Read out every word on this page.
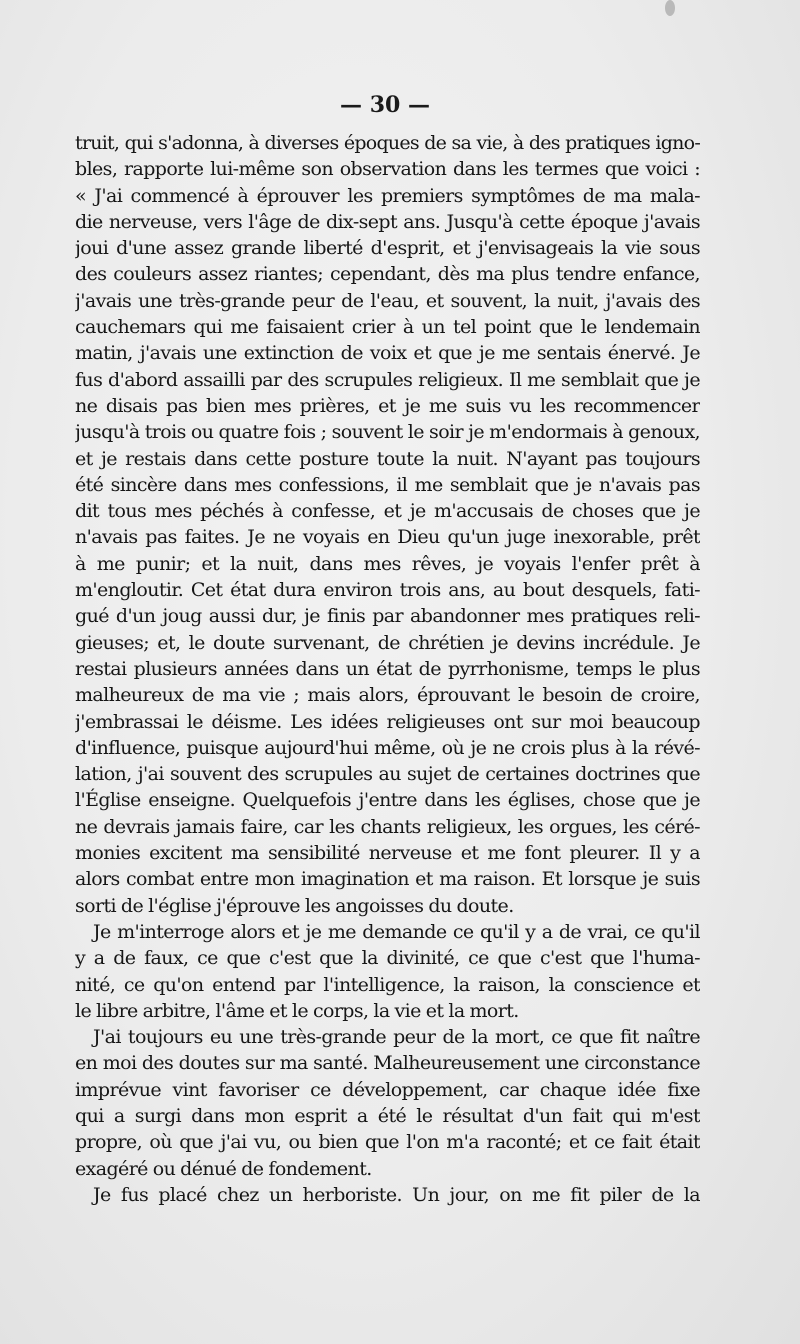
— 30 —
truit, qui s'adonna, à diverses époques de sa vie, à des pratiques igno-
bles, rapporte lui-même son observation dans les termes que voici :
« J'ai commencé à éprouver les premiers symptômes de ma mala-
die nerveuse, vers l'âge de dix-sept ans. Jusqu'à cette époque j'avais
joui d'une assez grande liberté d'esprit, et j'envisageais la vie sous
des couleurs assez riantes; cependant, dès ma plus tendre enfance,
j'avais une très-grande peur de l'eau, et souvent, la nuit, j'avais des
cauchemars qui me faisaient crier à un tel point que le lendemain
matin, j'avais une extinction de voix et que je me sentais énervé. Je
fus d'abord assailli par des scrupules religieux. Il me semblait que je
ne disais pas bien mes prières, et je me suis vu les recommencer
jusqu'à trois ou quatre fois ; souvent le soir je m'endormais à genoux,
et je restais dans cette posture toute la nuit. N'ayant pas toujours
été sincère dans mes confessions, il me semblait que je n'avais pas
dit tous mes péchés à confesse, et je m'accusais de choses que je
n'avais pas faites. Je ne voyais en Dieu qu'un juge inexorable, prêt
à me punir; et la nuit, dans mes rêves, je voyais l'enfer prêt à
m'engloutir. Cet état dura environ trois ans, au bout desquels, fati-
gué d'un joug aussi dur, je finis par abandonner mes pratiques reli-
gieuses; et, le doute survenant, de chrétien je devins incrédule. Je
restai plusieurs années dans un état de pyrrhonisme, temps le plus
malheureux de ma vie ; mais alors, éprouvant le besoin de croire,
j'embrassai le déisme. Les idées religieuses ont sur moi beaucoup
d'influence, puisque aujourd'hui même, où je ne crois plus à la révé-
lation, j'ai souvent des scrupules au sujet de certaines doctrines que
l'Église enseigne. Quelquefois j'entre dans les églises, chose que je
ne devrais jamais faire, car les chants religieux, les orgues, les céré-
monies excitent ma sensibilité nerveuse et me font pleurer. Il y a
alors combat entre mon imagination et ma raison. Et lorsque je suis
sorti de l'église j'éprouve les angoisses du doute.
Je m'interroge alors et je me demande ce qu'il y a de vrai, ce qu'il
y a de faux, ce que c'est que la divinité, ce que c'est que l'huma-
nité, ce qu'on entend par l'intelligence, la raison, la conscience et
le libre arbitre, l'âme et le corps, la vie et la mort.
J'ai toujours eu une très-grande peur de la mort, ce que fit naître
en moi des doutes sur ma santé. Malheureusement une circonstance
imprévue vint favoriser ce développement, car chaque idée fixe
qui a surgi dans mon esprit a été le résultat d'un fait qui m'est
propre, où que j'ai vu, ou bien que l'on m'a raconté; et ce fait était
exagéré ou dénué de fondement.
Je fus placé chez un herboriste. Un jour, on me fit piler de la
